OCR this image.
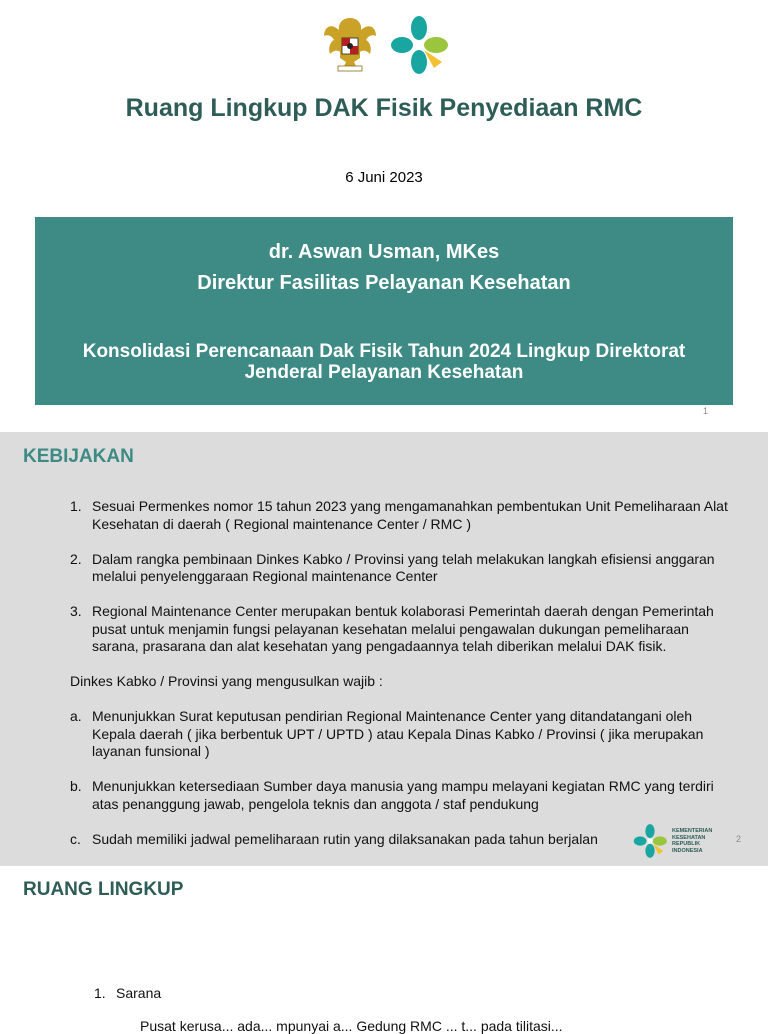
Ruang Lingkup DAK Fisik Penyediaan RMC
6 Juni 2023
dr. Aswan Usman, MKes
Direktur Fasilitas Pelayanan Kesehatan
Konsolidasi Perencanaan Dak Fisik Tahun 2024 Lingkup Direktorat
Jenderal Pelayanan Kesehatan
1
KEBIJAKAN
1. Sesuai Permenkes nomor 15 tahun 2023 yang mengamanahkan pembentukan Unit Pemeliharaan Alat Kesehatan di daerah ( Regional maintenance Center / RMC )
2. Dalam rangka pembinaan Dinkes Kabko / Provinsi yang telah melakukan langkah efisiensi anggaran melalui penyelenggaraan Regional maintenance Center
3. Regional Maintenance Center merupakan bentuk kolaborasi Pemerintah daerah dengan Pemerintah pusat untuk menjamin fungsi pelayanan kesehatan melalui pengawalan dukungan pemeliharaan sarana, prasarana dan alat kesehatan yang pengadaannya telah diberikan melalui DAK fisik.
Dinkes Kabko / Provinsi yang mengusulkan wajib :
a. Menunjukkan Surat keputusan pendirian Regional Maintenance Center yang ditandatangani oleh Kepala daerah ( jika berbentuk UPT / UPTD ) atau Kepala Dinas Kabko / Provinsi ( jika merupakan layanan funsional )
b. Menunjukkan ketersediaan Sumber daya manusia yang mampu melayani kegiatan RMC yang terdiri atas penanggung jawab, pengelola teknis dan anggota / staf pendukung
c. Sudah memiliki jadwal pemeliharaan rutin yang dilaksanakan pada tahun berjalan	KEMENTERIAN
KESEHATAN
REPUBLIK
INDONESIA
2
RUANG LINGKUP
1. Sarana
Pusat kerusa... ada... mpunyai a... Gedung RMC ... t... pada tilitasi...
